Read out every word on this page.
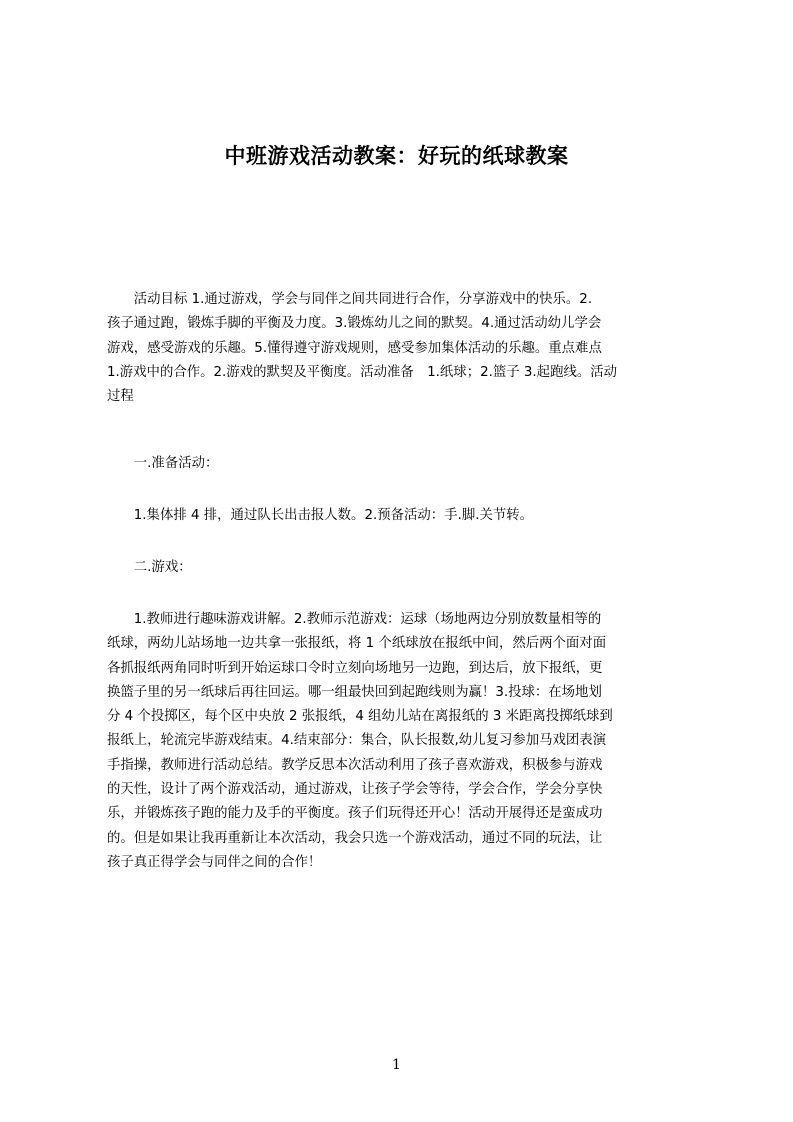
中班游戏活动教案：好玩的纸球教案
　　活动目标 1.通过游戏，学会与同伴之间共同进行合作，分享游戏中的快乐。2.
孩子通过跑，锻炼手脚的平衡及力度。3.锻炼幼儿之间的默契。4.通过活动幼儿学会
游戏，感受游戏的乐趣。5.懂得遵守游戏规则，感受参加集体活动的乐趣。重点难点
1.游戏中的合作。2.游戏的默契及平衡度。活动准备　1.纸球；2.篮子 3.起跑线。活动
过程
　　一.准备活动：
　　1.集体排 4 排，通过队长出击报人数。2.预备活动：手.脚.关节转。
　　二.游戏：
　　1.教师进行趣味游戏讲解。2.教师示范游戏：运球（场地两边分别放数量相等的
纸球，两幼儿站场地一边共拿一张报纸，将 1 个纸球放在报纸中间，然后两个面对面
各抓报纸两角同时听到开始运球口令时立刻向场地另一边跑，到达后，放下报纸，更
换篮子里的另一纸球后再往回运。哪一组最快回到起跑线则为赢！3.投球：在场地划
分 4 个投掷区，每个区中央放 2 张报纸，4 组幼儿站在离报纸的 3 米距离投掷纸球到
报纸上，轮流完毕游戏结束。4.结束部分：集合，队长报数,幼儿复习参加马戏团表演
手指操，教师进行活动总结。教学反思本次活动利用了孩子喜欢游戏，积极参与游戏
的天性，设计了两个游戏活动，通过游戏，让孩子学会等待，学会合作，学会分享快
乐，并锻炼孩子跑的能力及手的平衡度。孩子们玩得还开心！活动开展得还是蛮成功
的。但是如果让我再重新让本次活动，我会只选一个游戏活动，通过不同的玩法，让
孩子真正得学会与同伴之间的合作！
1
